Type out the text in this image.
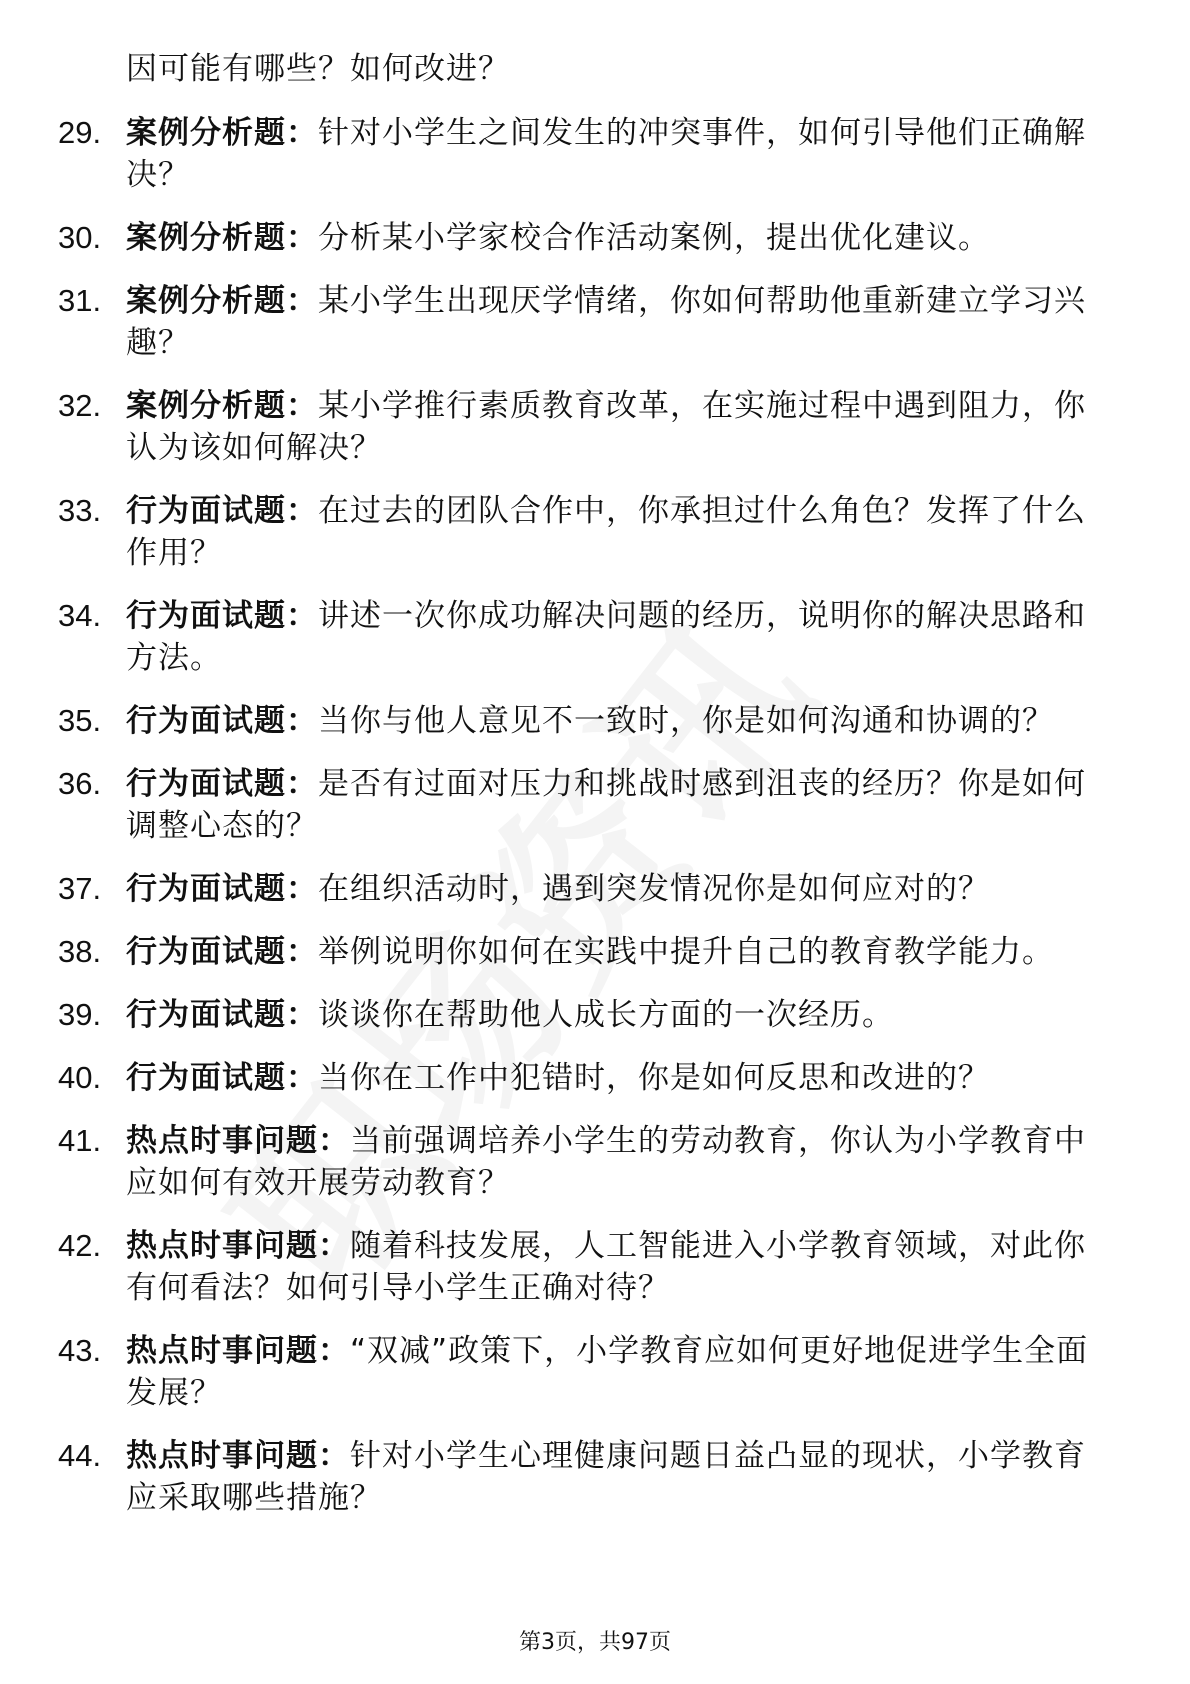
因可能有哪些？如何改进？
29. 案例分析题：针对小学生之间发生的冲突事件，如何引导他们正确解决？
30. 案例分析题：分析某小学家校合作活动案例，提出优化建议。
31. 案例分析题：某小学生出现厌学情绪，你如何帮助他重新建立学习兴趣？
32. 案例分析题：某小学推行素质教育改革，在实施过程中遇到阻力，你认为该如何解决？
33. 行为面试题：在过去的团队合作中，你承担过什么角色？发挥了什么作用？
34. 行为面试题：讲述一次你成功解决问题的经历，说明你的解决思路和方法。
35. 行为面试题：当你与他人意见不一致时，你是如何沟通和协调的？
36. 行为面试题：是否有过面对压力和挑战时感到沮丧的经历？你是如何调整心态的？
37. 行为面试题：在组织活动时，遇到突发情况你是如何应对的？
38. 行为面试题：举例说明你如何在实践中提升自己的教育教学能力。
39. 行为面试题：谈谈你在帮助他人成长方面的一次经历。
40. 行为面试题：当你在工作中犯错时，你是如何反思和改进的？
41. 热点时事问题：当前强调培养小学生的劳动教育，你认为小学教育中应如何有效开展劳动教育？
42. 热点时事问题：随着科技发展，人工智能进入小学教育领域，对此你有何看法？如何引导小学生正确对待？
43. 热点时事问题：“双减”政策下，小学教育应如何更好地促进学生全面发展？
44. 热点时事问题：针对小学生心理健康问题日益凸显的现状，小学教育应采取哪些措施？
第3页，共97页
